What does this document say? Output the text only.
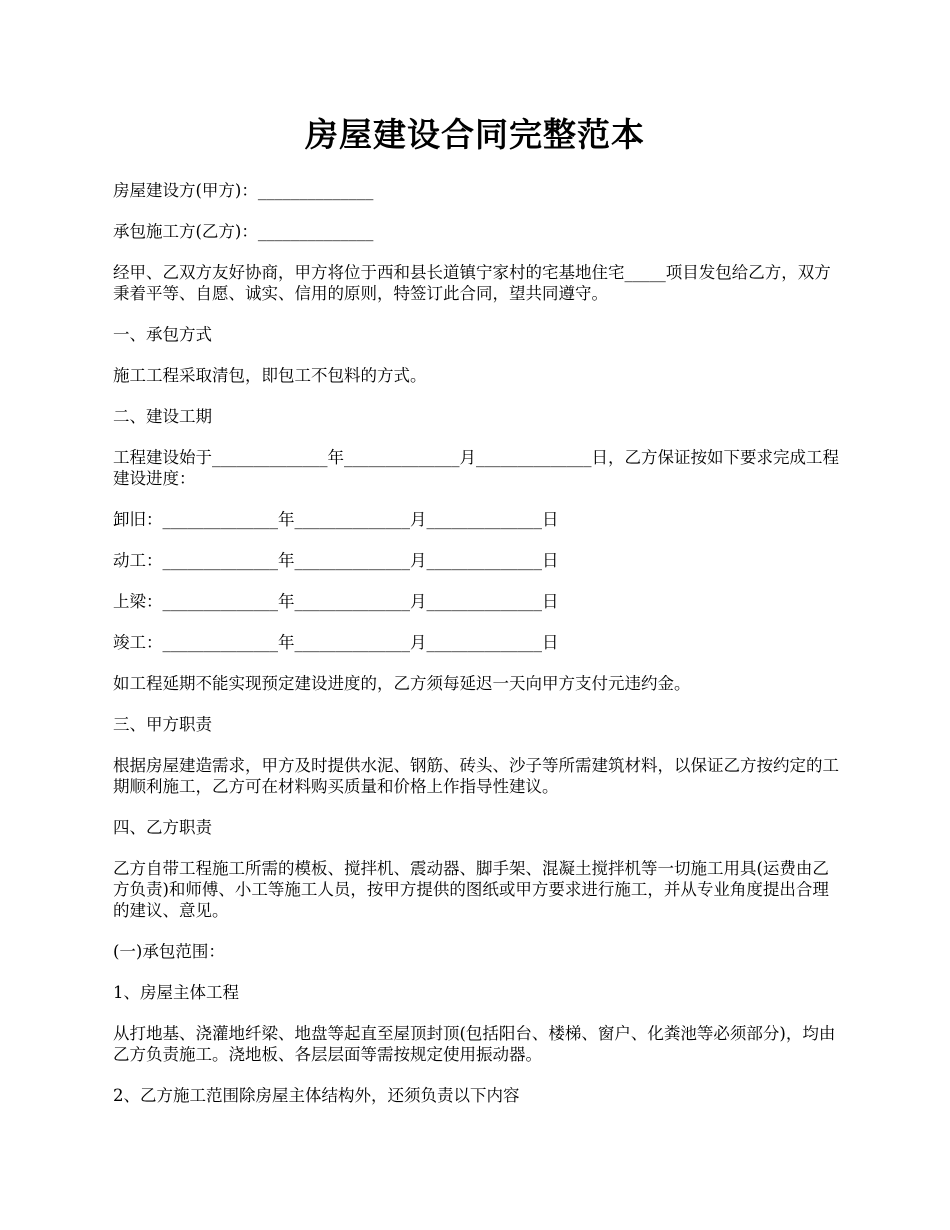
房屋建设合同完整范本

房屋建设方(甲方)：______________

承包施工方(乙方)：______________

经甲、乙双方友好协商，甲方将位于西和县长道镇宁家村的宅基地住宅_____项目发包给乙方，双方秉着平等、自愿、诚实、信用的原则，特签订此合同，望共同遵守。

一、承包方式

施工工程采取清包，即包工不包料的方式。

二、建设工期

工程建设始于______________年______________月______________日，乙方保证按如下要求完成工程建设进度：

卸旧：______________年______________月______________日

动工：______________年______________月______________日

上梁：______________年______________月______________日

竣工：______________年______________月______________日

如工程延期不能实现预定建设进度的，乙方须每延迟一天向甲方支付元违约金。

三、甲方职责

根据房屋建造需求，甲方及时提供水泥、钢筋、砖头、沙子等所需建筑材料，以保证乙方按约定的工期顺利施工，乙方可在材料购买质量和价格上作指导性建议。

四、乙方职责

乙方自带工程施工所需的模板、搅拌机、震动器、脚手架、混凝土搅拌机等一切施工用具(运费由乙方负责)和师傅、小工等施工人员，按甲方提供的图纸或甲方要求进行施工，并从专业角度提出合理的建议、意见。

(一)承包范围：

1、房屋主体工程

从打地基、浇灌地纤梁、地盘等起直至屋顶封顶(包括阳台、楼梯、窗户、化粪池等必须部分)，均由乙方负责施工。浇地板、各层层面等需按规定使用振动器。

2、乙方施工范围除房屋主体结构外，还须负责以下内容
